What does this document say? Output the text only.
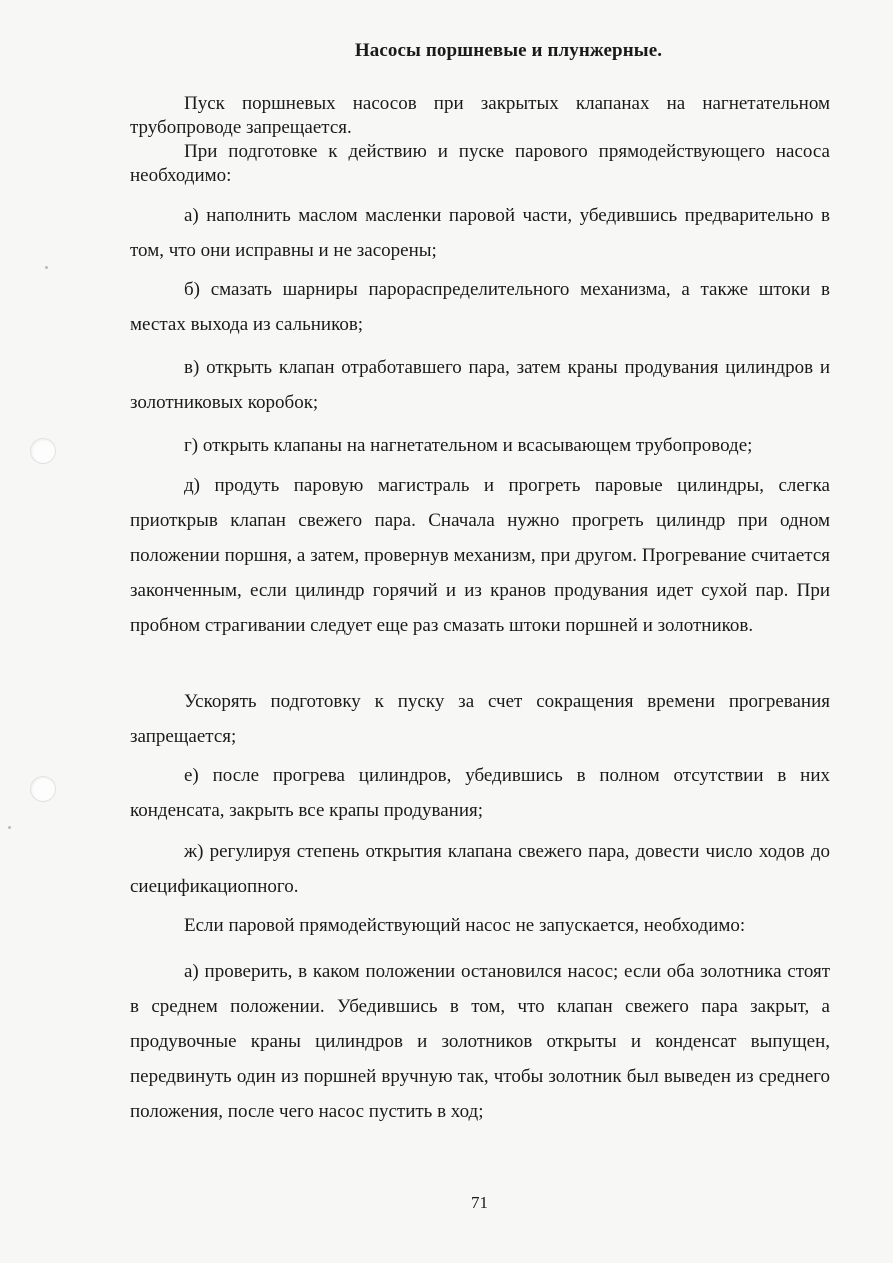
Насосы поршневые и плунжерные.

Пуск поршневых насосов при закрытых клапанах на нагнетательном трубопроводе запрещается.

При подготовке к действию и пуске парового прямодействующего насоса необходимо:

а) наполнить маслом масленки паровой части, убедившись предварительно в том, что они исправны и не засорены;

б) смазать шарниры парораспределительного механизма, а также штоки в местах выхода из сальников;

в) открыть клапан отработавшего пара, затем краны продувания цилиндров и золотниковых коробок;

г) открыть клапаны на нагнетательном и всасывающем трубопроводе;

д) продуть паровую магистраль и прогреть паровые цилиндры, слегка приоткрыв клапан свежего пара. Сначала нужно прогреть цилиндр при одном положении поршня, а затем, провернув механизм, при другом. Прогревание считается законченным, если цилиндр горячий и из кранов продувания идет сухой пар. При пробном страгивании следует еще раз смазать штоки поршней и золотников.

Ускорять подготовку к пуску за счет сокращения времени прогревания запрещается;

е) после прогрева цилиндров, убедившись в полном отсутствии в них конденсата, закрыть все крапы продувания;

ж) регулируя степень открытия клапана свежего пара, довести число ходов до сиецификациопного.

Если паровой прямодействующий насос не запускается, необходимо:

а) проверить, в каком положении остановился насос; если оба золотника стоят в среднем положении. Убедившись в том, что клапан свежего пара закрыт, а продувочные краны цилиндров и золотников открыты и конденсат выпущен, передвинуть один из поршней вручную так, чтобы золотник был выведен из среднего положения, после чего насос пустить в ход;

71
